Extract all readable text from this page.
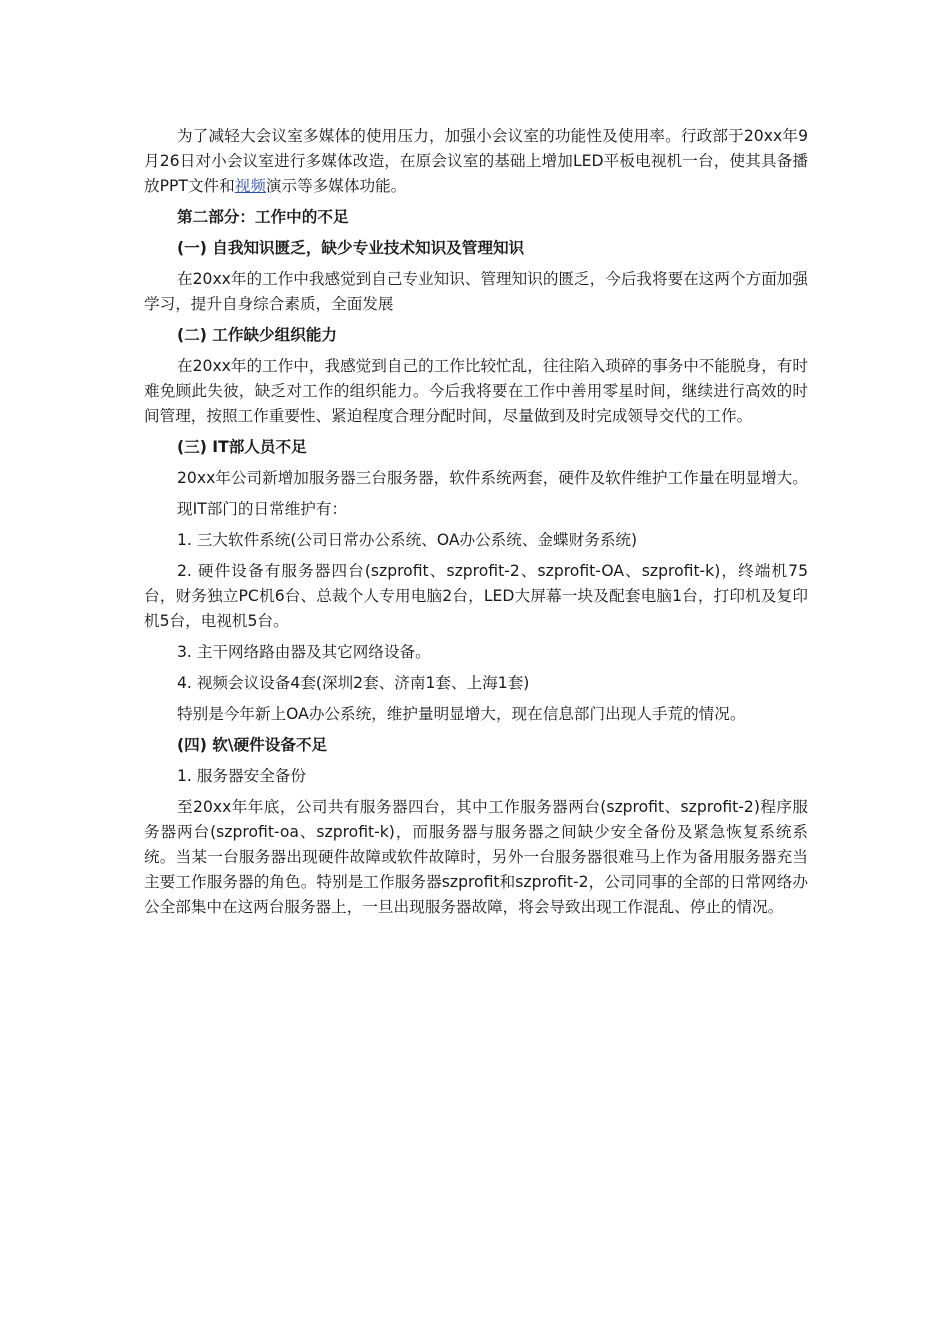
为了减轻大会议室多媒体的使用压力，加强小会议室的功能性及使用率。行政部于20xx年9月26日对小会议室进行多媒体改造，在原会议室的基础上增加LED平板电视机一台，使其具备播放PPT文件和视频演示等多媒体功能。

第二部分：工作中的不足

(一) 自我知识匮乏，缺少专业技术知识及管理知识

在20xx年的工作中我感觉到自己专业知识、管理知识的匮乏，今后我将要在这两个方面加强学习，提升自身综合素质，全面发展

(二) 工作缺少组织能力

在20xx年的工作中，我感觉到自己的工作比较忙乱，往往陷入琐碎的事务中不能脱身，有时难免顾此失彼，缺乏对工作的组织能力。今后我将要在工作中善用零星时间，继续进行高效的时间管理，按照工作重要性、紧迫程度合理分配时间，尽量做到及时完成领导交代的工作。

(三) IT部人员不足

20xx年公司新增加服务器三台服务器，软件系统两套，硬件及软件维护工作量在明显增大。

现IT部门的日常维护有：

1. 三大软件系统(公司日常办公系统、OA办公系统、金蝶财务系统)

2. 硬件设备有服务器四台(szprofit、szprofit-2、szprofit-OA、szprofit-k)，终端机75台，财务独立PC机6台、总裁个人专用电脑2台，LED大屏幕一块及配套电脑1台，打印机及复印机5台，电视机5台。

3. 主干网络路由器及其它网络设备。

4. 视频会议设备4套(深圳2套、济南1套、上海1套)

特别是今年新上OA办公系统，维护量明显增大，现在信息部门出现人手荒的情况。

(四) 软\硬件设备不足

1. 服务器安全备份

至20xx年年底，公司共有服务器四台，其中工作服务器两台(szprofit、szprofit-2)程序服务器两台(szprofit-oa、szprofit-k)，而服务器与服务器之间缺少安全备份及紧急恢复系统系统。当某一台服务器出现硬件故障或软件故障时，另外一台服务器很难马上作为备用服务器充当主要工作服务器的角色。特别是工作服务器szprofit和szprofit-2，公司同事的全部的日常网络办公全部集中在这两台服务器上，一旦出现服务器故障，将会导致出现工作混乱、停止的情况。
